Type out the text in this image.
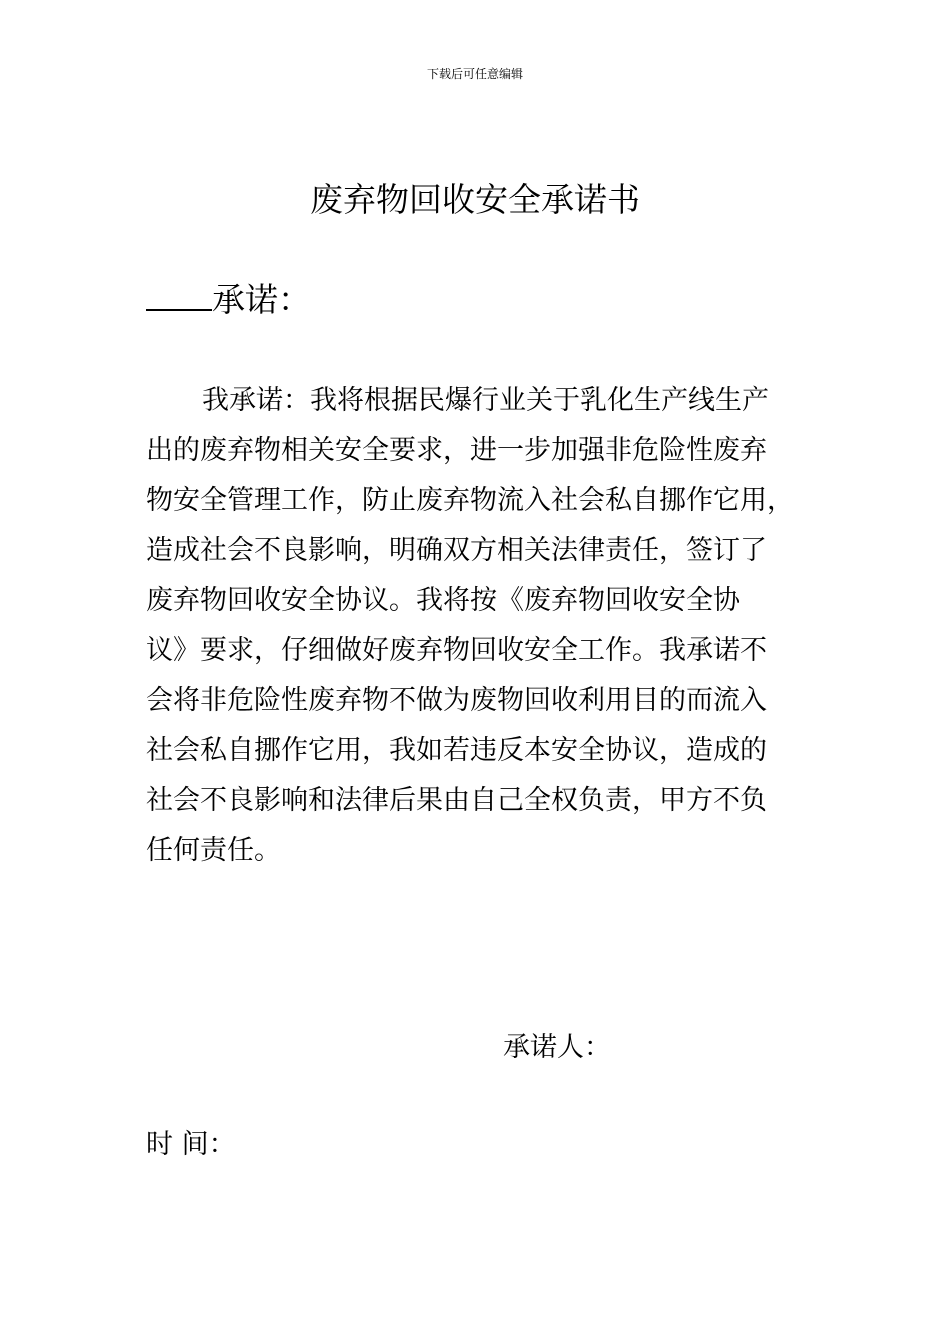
下载后可任意编辑
废弃物回收安全承诺书
承诺：
我承诺：我将根据民爆行业关于乳化生产线生产
出的废弃物相关安全要求，进一步加强非危险性废弃
物安全管理工作，防止废弃物流入社会私自挪作它用，
造成社会不良影响，明确双方相关法律责任，签订了
废弃物回收安全协议。我将按《废弃物回收安全协
议》要求，仔细做好废弃物回收安全工作。我承诺不
会将非危险性废弃物不做为废物回收利用目的而流入
社会私自挪作它用，我如若违反本安全协议，造成的
社会不良影响和法律后果由自己全权负责，甲方不负
任何责任。
承诺人：
时 间：
